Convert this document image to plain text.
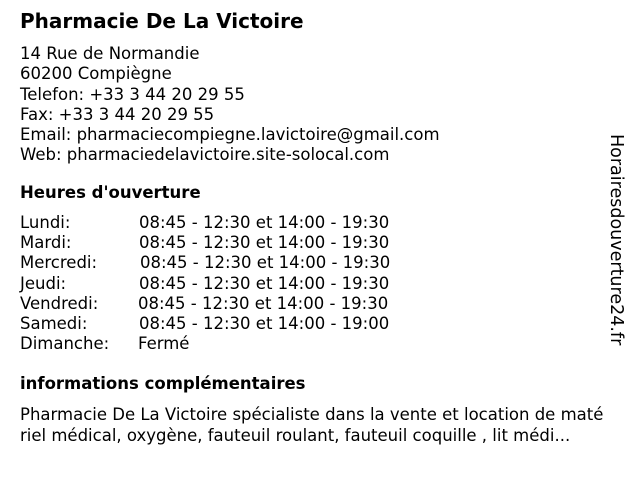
Pharmacie De La Victoire
14 Rue de Normandie
60200 Compiègne
Telefon: +33 3 44 20 29 55
Fax: +33 3 44 20 29 55
Email: pharmaciecompiegne.lavictoire@gmail.com
Web: pharmaciedelavictoire.site-solocal.com
Heures d'ouverture
Lundi:	08:45 - 12:30 et 14:00 - 19:30
Mardi:	08:45 - 12:30 et 14:00 - 19:30
Mercredi:	08:45 - 12:30 et 14:00 - 19:30
Jeudi:	08:45 - 12:30 et 14:00 - 19:30
Vendredi: 08:45 - 12:30 et 14:00 - 19:30
Samedi:	08:45 - 12:30 et 14:00 - 19:00
Dimanche: Fermé
informations complémentaires
Pharmacie De La Victoire spécialiste dans la vente et location de maté
riel médical, oxygène, fauteuil roulant, fauteuil coquille , lit médi...
Horairesdouverture24.fr
